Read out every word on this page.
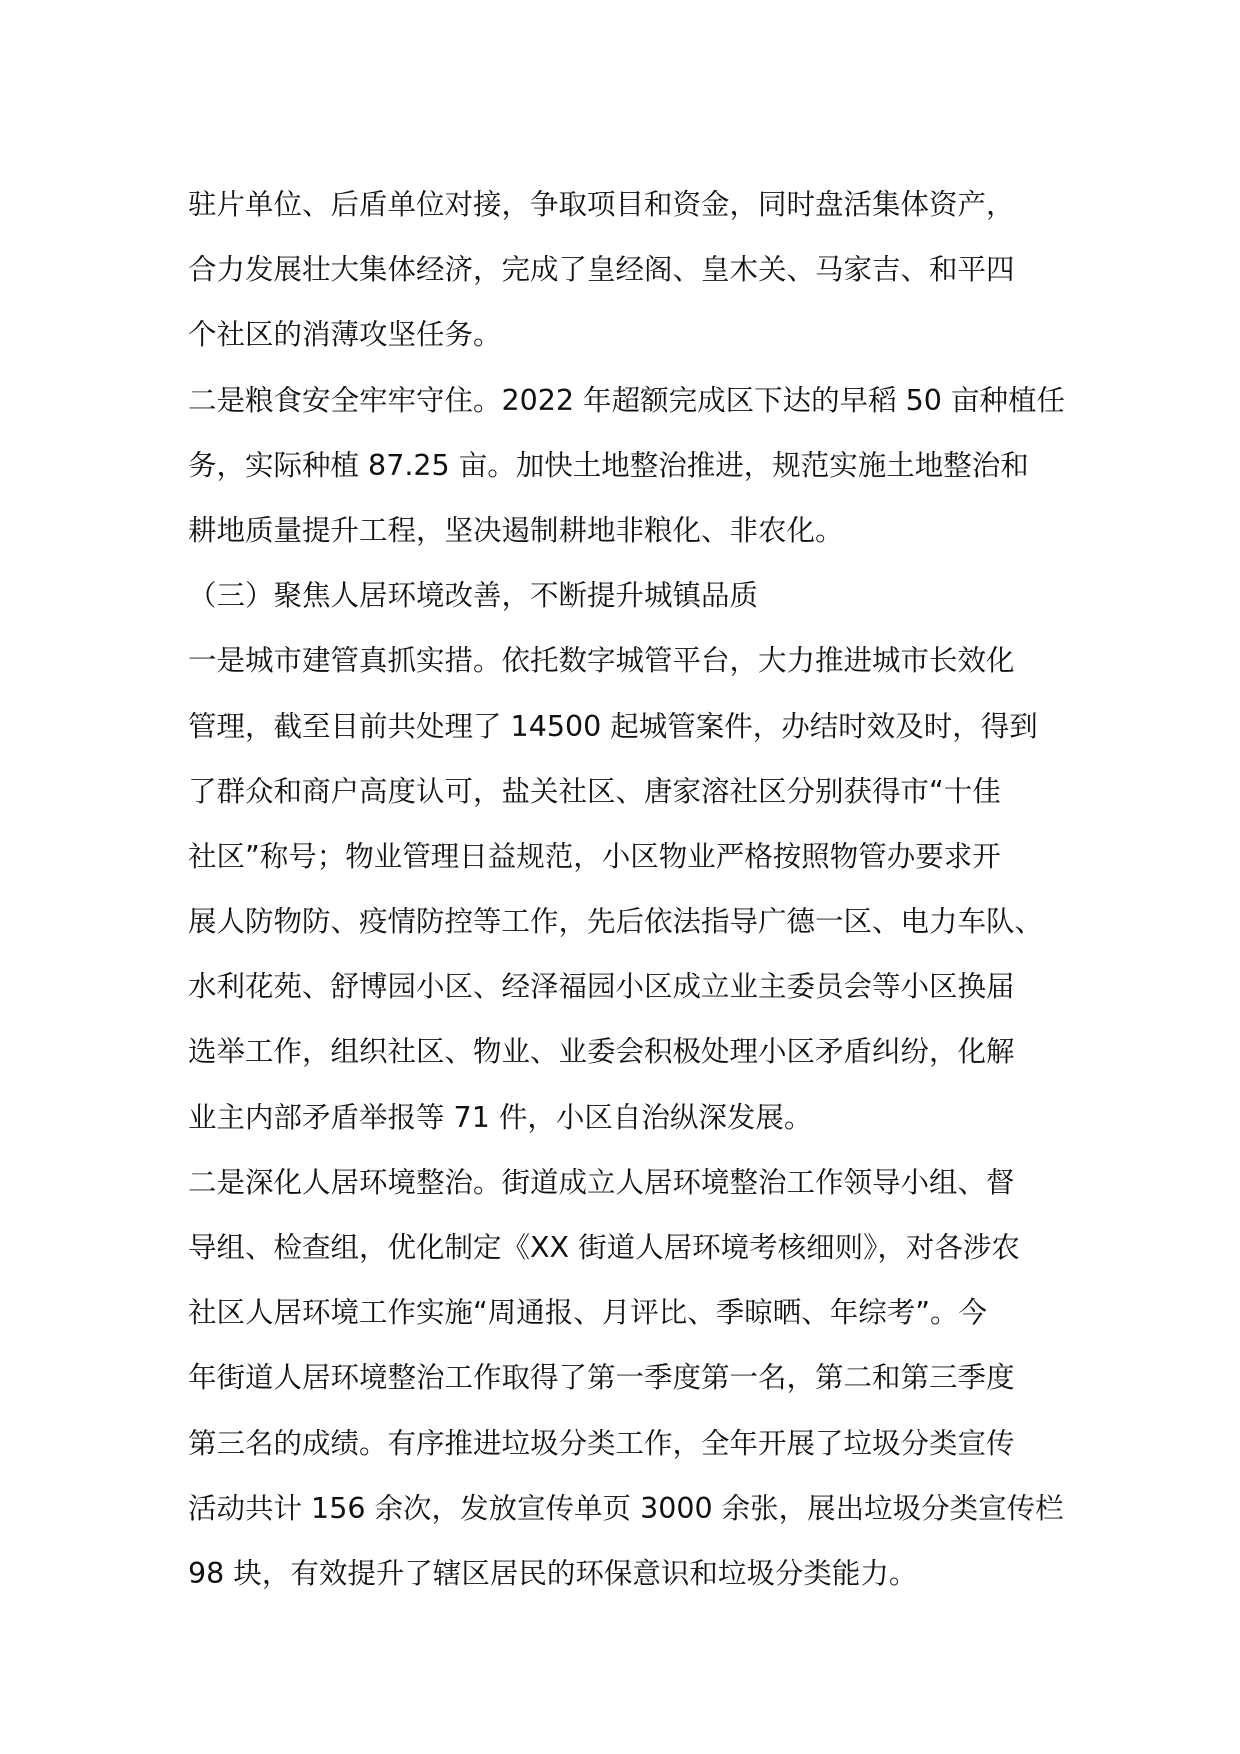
驻片单位、后盾单位对接，争取项目和资金，同时盘活集体资产，
合力发展壮大集体经济，完成了皇经阁、皇木关、马家吉、和平四
个社区的消薄攻坚任务。

二是粮食安全牢牢守住。2022 年超额完成区下达的早稻 50 亩种植任
务，实际种植 87.25 亩。加快土地整治推进，规范实施土地整治和
耕地质量提升工程，坚决遏制耕地非粮化、非农化。

（三）聚焦人居环境改善，不断提升城镇品质

一是城市建管真抓实措。依托数字城管平台，大力推进城市长效化
管理，截至目前共处理了 14500 起城管案件，办结时效及时，得到
了群众和商户高度认可，盐关社区、唐家溶社区分别获得市“十佳
社区”称号；物业管理日益规范，小区物业严格按照物管办要求开
展人防物防、疫情防控等工作，先后依法指导广德一区、电力车队、
水利花苑、舒博园小区、经泽福园小区成立业主委员会等小区换届
选举工作，组织社区、物业、业委会积极处理小区矛盾纠纷，化解
业主内部矛盾举报等 71 件，小区自治纵深发展。

二是深化人居环境整治。街道成立人居环境整治工作领导小组、督
导组、检查组，优化制定《XX 街道人居环境考核细则》，对各涉农
社区人居环境工作实施“周通报、月评比、季晾晒、年综考”。今
年街道人居环境整治工作取得了第一季度第一名，第二和第三季度
第三名的成绩。有序推进垃圾分类工作，全年开展了垃圾分类宣传
活动共计 156 余次，发放宣传单页 3000 余张，展出垃圾分类宣传栏
98 块，有效提升了辖区居民的环保意识和垃圾分类能力。
